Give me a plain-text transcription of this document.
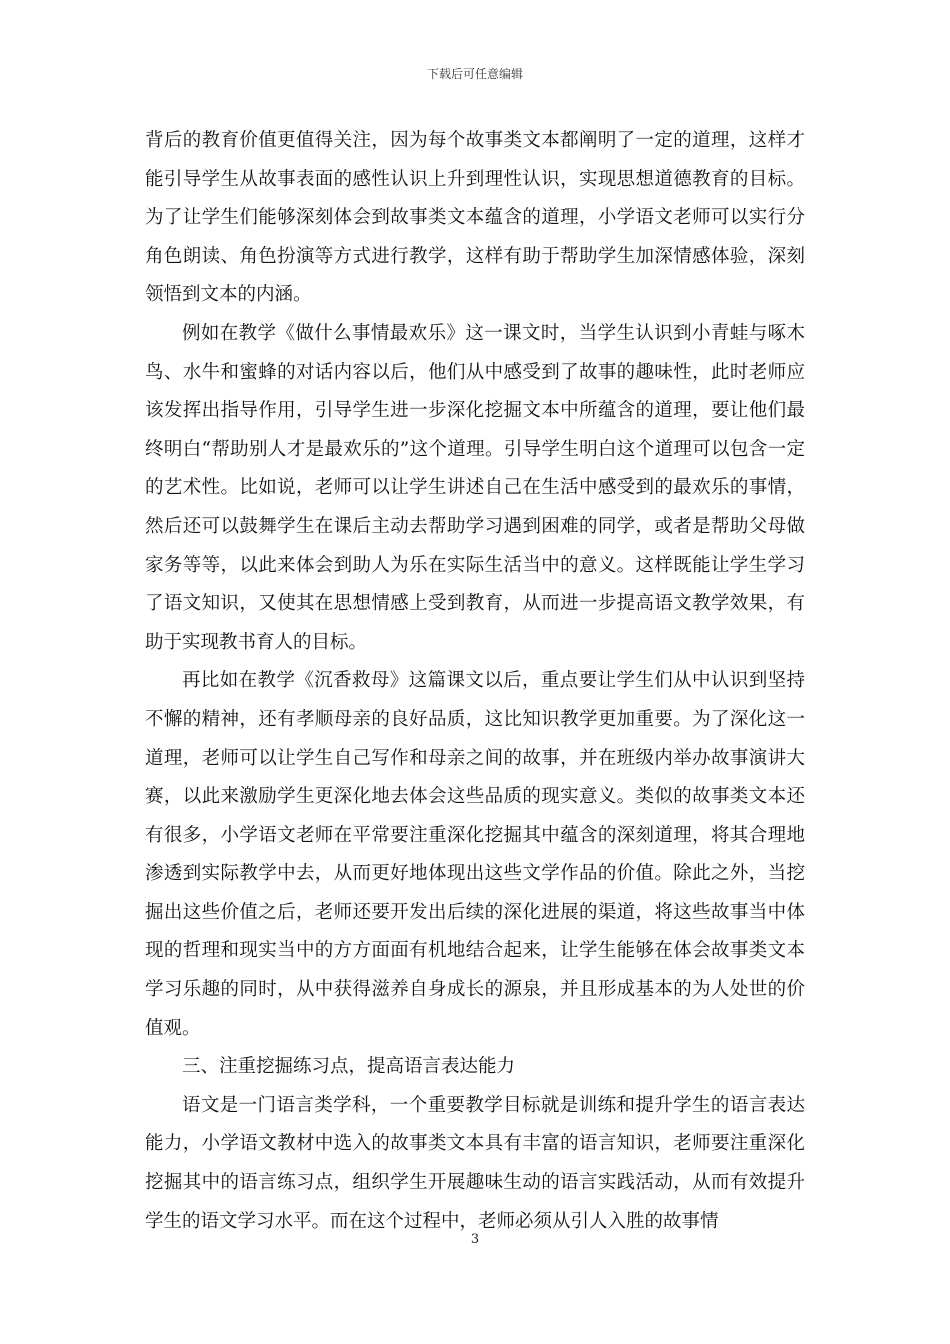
下载后可任意编辑

背后的教育价值更值得关注，因为每个故事类文本都阐明了一定的道理，这样才能引导学生从故事表面的感性认识上升到理性认识，实现思想道德教育的目标。为了让学生们能够深刻体会到故事类文本蕴含的道理，小学语文老师可以实行分角色朗读、角色扮演等方式进行教学，这样有助于帮助学生加深情感体验，深刻领悟到文本的内涵。

例如在教学《做什么事情最欢乐》这一课文时，当学生认识到小青蛙与啄木鸟、水牛和蜜蜂的对话内容以后，他们从中感受到了故事的趣味性，此时老师应该发挥出指导作用，引导学生进一步深化挖掘文本中所蕴含的道理，要让他们最终明白“帮助别人才是最欢乐的”这个道理。引导学生明白这个道理可以包含一定的艺术性。比如说，老师可以让学生讲述自己在生活中感受到的最欢乐的事情，然后还可以鼓舞学生在课后主动去帮助学习遇到困难的同学，或者是帮助父母做家务等等，以此来体会到助人为乐在实际生活当中的意义。这样既能让学生学习了语文知识，又使其在思想情感上受到教育，从而进一步提高语文教学效果，有助于实现教书育人的目标。

再比如在教学《沉香救母》这篇课文以后，重点要让学生们从中认识到坚持不懈的精神，还有孝顺母亲的良好品质，这比知识教学更加重要。为了深化这一道理，老师可以让学生自己写作和母亲之间的故事，并在班级内举办故事演讲大赛，以此来激励学生更深化地去体会这些品质的现实意义。类似的故事类文本还有很多，小学语文老师在平常要注重深化挖掘其中蕴含的深刻道理，将其合理地渗透到实际教学中去，从而更好地体现出这些文学作品的价值。除此之外，当挖掘出这些价值之后，老师还要开发出后续的深化进展的渠道，将这些故事当中体现的哲理和现实当中的方方面面有机地结合起来，让学生能够在体会故事类文本学习乐趣的同时，从中获得滋养自身成长的源泉，并且形成基本的为人处世的价值观。

三、注重挖掘练习点，提高语言表达能力

语文是一门语言类学科，一个重要教学目标就是训练和提升学生的语言表达能力，小学语文教材中选入的故事类文本具有丰富的语言知识，老师要注重深化挖掘其中的语言练习点，组织学生开展趣味生动的语言实践活动，从而有效提升学生的语文学习水平。而在这个过程中，老师必须从引人入胜的故事情

3
